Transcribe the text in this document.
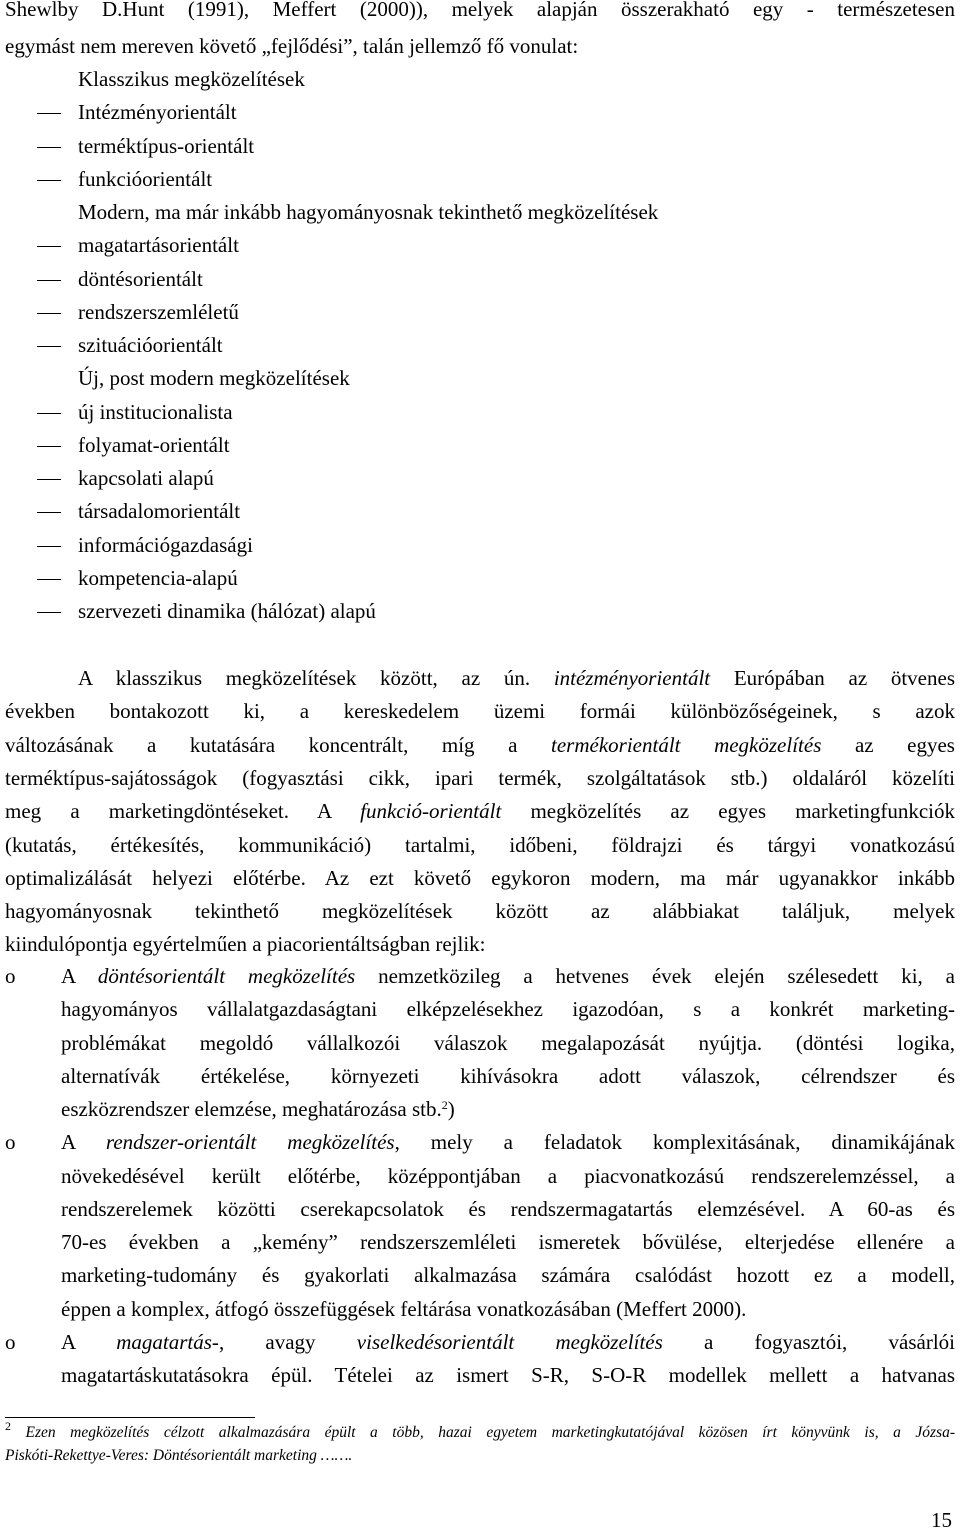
Shewlby D.Hunt (1991), Meffert (2000)), melyek alapján összerakható egy - természetesen
egymást nem mereven követő „fejlődési”, talán jellemző fő vonulat:
Klasszikus megközelítések
Intézményorientált
terméktípus-orientált
funkcióorientált
Modern, ma már inkább hagyományosnak tekinthető megközelítések
magatartásorientált
döntésorientált
rendszerszemléletű
szituációorientált
Új, post modern megközelítések
új institucionalista
folyamat-orientált
kapcsolati alapú
társadalomorientált
információgazdasági
kompetencia-alapú
szervezeti dinamika (hálózat) alapú
A klasszikus megközelítések között, az ún. intézményorientált Európában az ötvenes
években bontakozott ki, a kereskedelem üzemi formái különbözőségeinek, s azok
változásának a kutatására koncentrált, míg a termékorientált megközelítés az egyes
terméktípus-sajátosságok (fogyasztási cikk, ipari termék, szolgáltatások stb.) oldaláról közelíti
meg a marketingdöntéseket. A funkció-orientált megközelítés az egyes marketingfunkciók
(kutatás, értékesítés, kommunikáció) tartalmi, időbeni, földrajzi és tárgyi vonatkozású
optimalizálását helyezi előtérbe. Az ezt követő egykoron modern, ma már ugyanakkor inkább
hagyományosnak tekinthető megközelítések között az alábbiakat találjuk, melyek
kiindulópontja egyértelműen a piacorientáltságban rejlik:
o A döntésorientált megközelítés nemzetközileg a hetvenes évek elején szélesedett ki, a
hagyományos vállalatgazdaságtani elképzelésekhez igazodóan, s a konkrét marketing-
problémákat megoldó vállalkozói válaszok megalapozását nyújtja. (döntési logika,
alternatívák értékelése, környezeti kihívásokra adott válaszok, célrendszer és
eszközrendszer elemzése, meghatározása stb.$^2$)
o A rendszer-orientált megközelítés, mely a feladatok komplexitásának, dinamikájának
növekedésével került előtérbe, középpontjában a piacvonatkozású rendszerelemzéssel, a
rendszerelemek közötti cserekapcsolatok és rendszermagatartás elemzésével. A 60-as és
70-es években a „kemény” rendszerszemléleti ismeretek bővülése, elterjedése ellenére a
marketing-tudomány és gyakorlati alkalmazása számára csalódást hozott ez a modell,
éppen a komplex, átfogó összefüggések feltárása vonatkozásában (Meffert 2000).
o A magatartás-, avagy viselkedésorientált megközelítés a fogyasztói, vásárlói
magatartáskutatásokra épül. Tételei az ismert S-R, S-O-R modellek mellett a hatvanas
$^2$ Ezen megközelítés célzott alkalmazására épült a több, hazai egyetem marketingkutatójával közösen írt könyvünk is, a Józsa-
Piskóti-Rekettye-Veres: Döntésorientált marketing …….
15
